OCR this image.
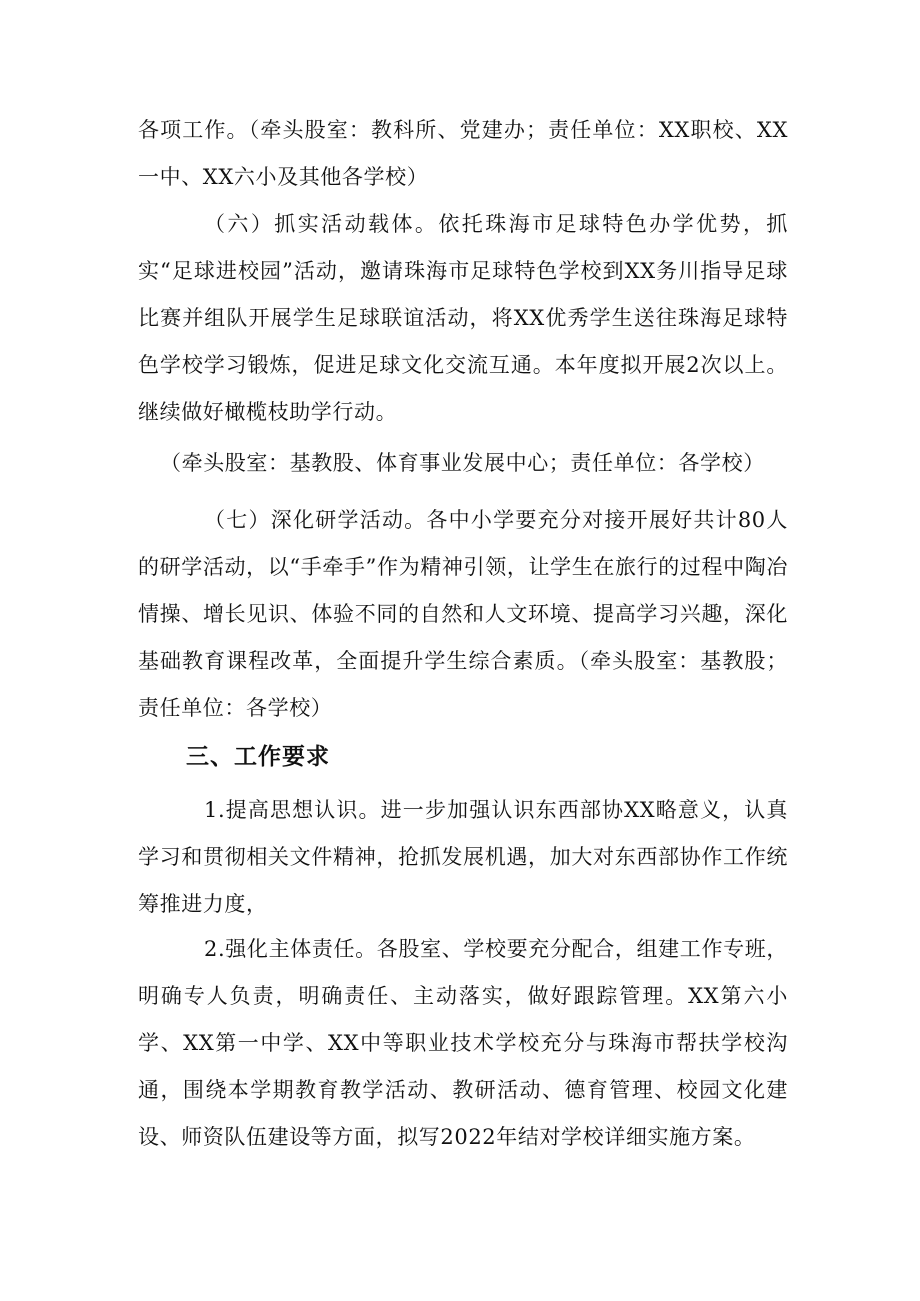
各项工作。（牵头股室：教科所、党建办；责任单位：XX职校、XX一中、XX六小及其他各学校）

（六）抓实活动载体。依托珠海市足球特色办学优势，抓实“足球进校园”活动，邀请珠海市足球特色学校到XX务川指导足球比赛并组队开展学生足球联谊活动，将XX优秀学生送往珠海足球特色学校学习锻炼，促进足球文化交流互通。本年度拟开展2次以上。继续做好橄榄枝助学行动。

（牵头股室：基教股、体育事业发展中心；责任单位：各学校）

（七）深化研学活动。各中小学要充分对接开展好共计80人的研学活动，以“手牵手”作为精神引领，让学生在旅行的过程中陶冶情操、增长见识、体验不同的自然和人文环境、提高学习兴趣，深化基础教育课程改革，全面提升学生综合素质。（牵头股室：基教股；责任单位：各学校）

三、工作要求

1.提高思想认识。进一步加强认识东西部协XX略意义，认真学习和贯彻相关文件精神，抢抓发展机遇，加大对东西部协作工作统筹推进力度，

2.强化主体责任。各股室、学校要充分配合，组建工作专班，明确专人负责，明确责任、主动落实，做好跟踪管理。XX第六小学、XX第一中学、XX中等职业技术学校充分与珠海市帮扶学校沟通，围绕本学期教育教学活动、教研活动、德育管理、校园文化建设、师资队伍建设等方面，拟写2022年结对学校详细实施方案。
